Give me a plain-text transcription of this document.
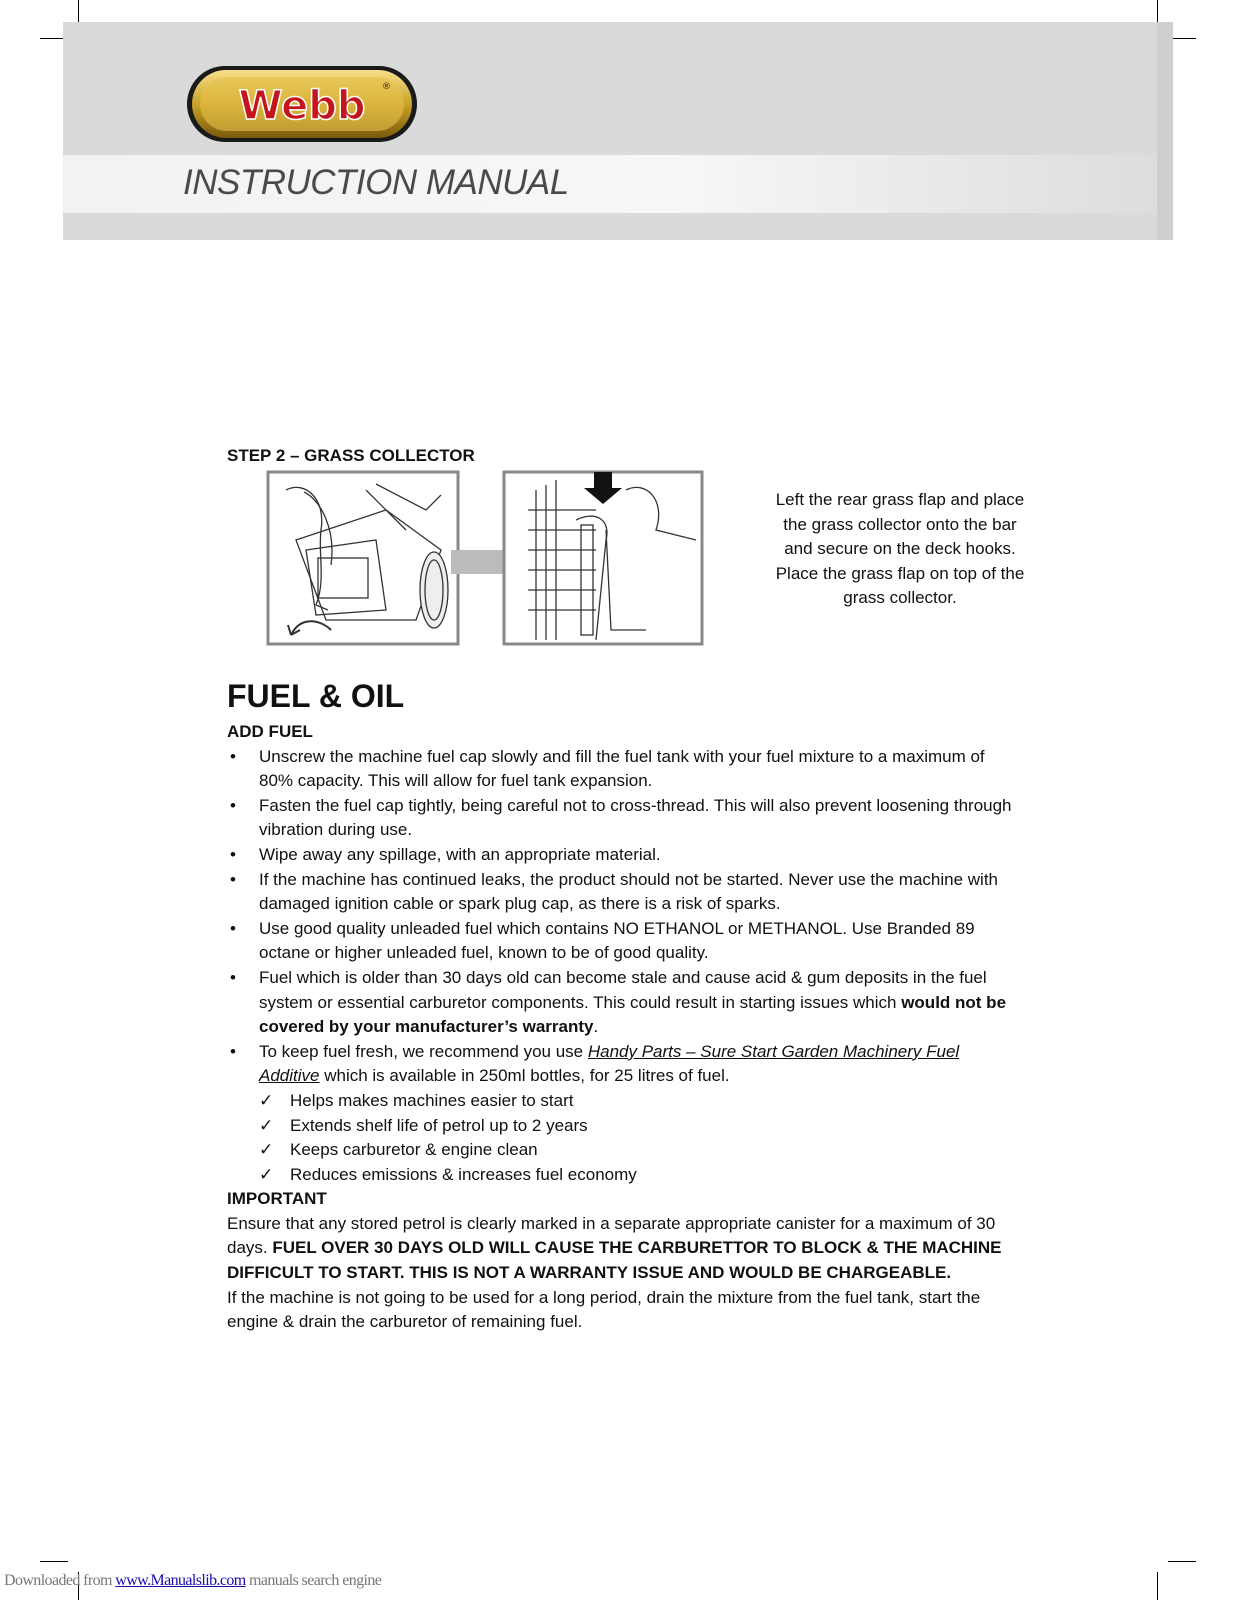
Webb ®
INSTRUCTION MANUAL

STEP 2 – GRASS COLLECTOR

Left the rear grass flap and place the grass collector onto the bar and secure on the deck hooks.
Place the grass flap on top of the grass collector.
FUEL & OIL
ADD FUEL
• Unscrew the machine fuel cap slowly and fill the fuel tank with your fuel mixture to a maximum of 80% capacity. This will allow for fuel tank expansion.
• Fasten the fuel cap tightly, being careful not to cross-thread. This will also prevent loosening through vibration during use.
• Wipe away any spillage, with an appropriate material.
• If the machine has continued leaks, the product should not be started. Never use the machine with damaged ignition cable or spark plug cap, as there is a risk of sparks.
• Use good quality unleaded fuel which contains NO ETHANOL or METHANOL. Use Branded 89 octane or higher unleaded fuel, known to be of good quality.
• Fuel which is older than 30 days old can become stale and cause acid & gum deposits in the fuel system or essential carburetor components. This could result in starting issues which would not be covered by your manufacturer’s warranty.
• To keep fuel fresh, we recommend you use Handy Parts – Sure Start Garden Machinery Fuel Additive which is available in 250ml bottles, for 25 litres of fuel.
✓ Helps makes machines easier to start
✓ Extends shelf life of petrol up to 2 years
✓ Keeps carburetor & engine clean
✓ Reduces emissions & increases fuel economy
IMPORTANT
Ensure that any stored petrol is clearly marked in a separate appropriate canister for a maximum of 30 days. FUEL OVER 30 DAYS OLD WILL CAUSE THE CARBURETTOR TO BLOCK & THE MACHINE DIFFICULT TO START. THIS IS NOT A WARRANTY ISSUE AND WOULD BE CHARGEABLE.
If the machine is not going to be used for a long period, drain the mixture from the fuel tank, start the engine & drain the carburetor of remaining fuel.
Downloaded from www.Manualslib.com manuals search engine
